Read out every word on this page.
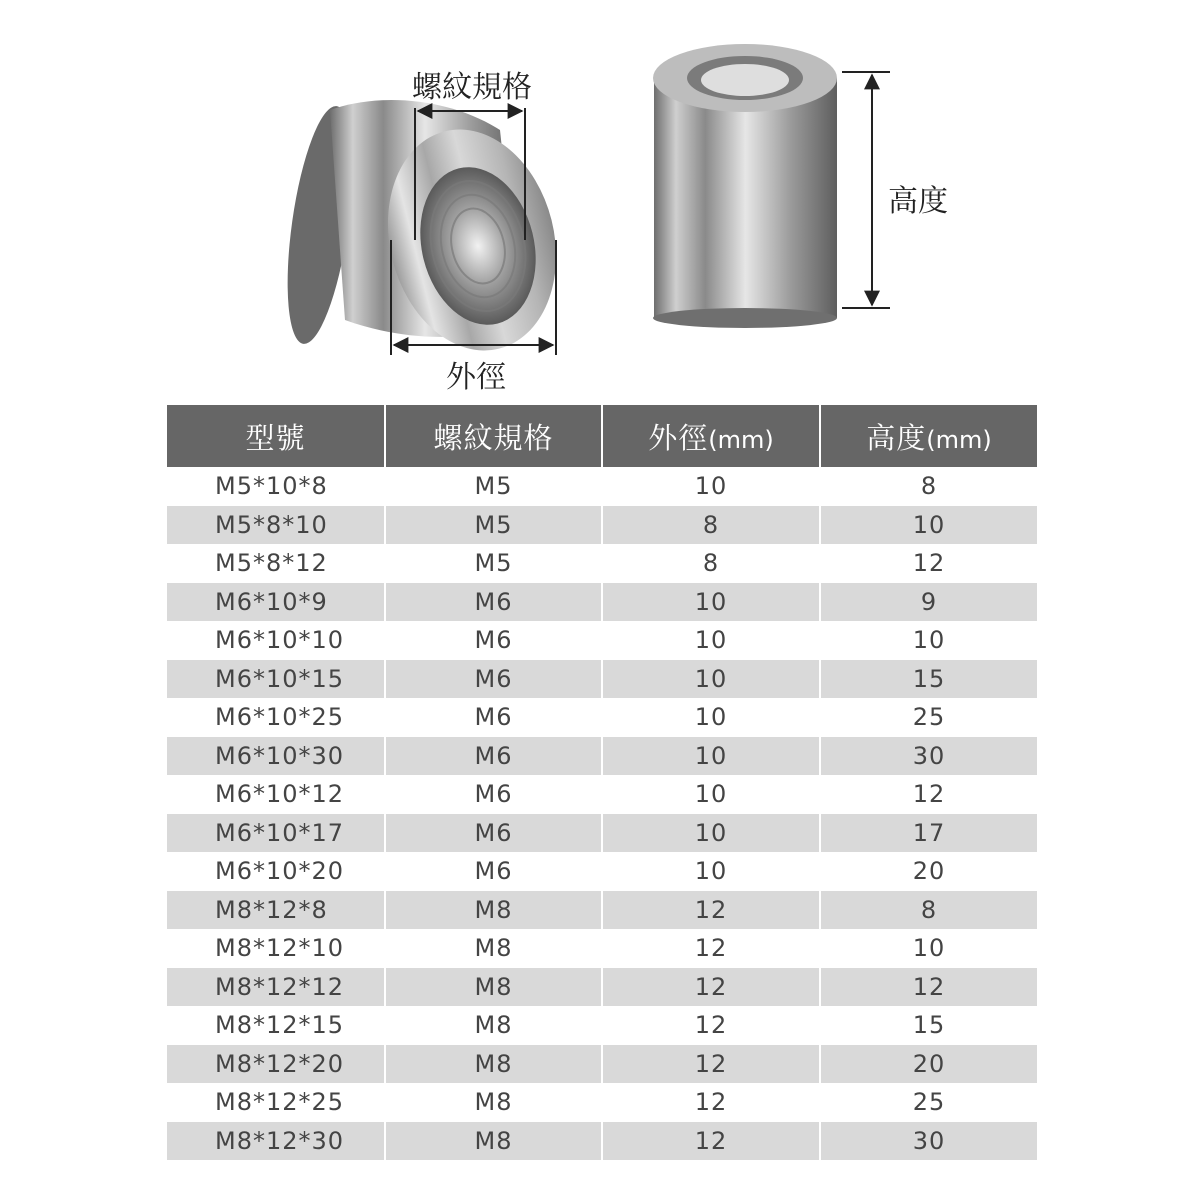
螺紋規格
外徑
高度
型號	螺紋規格	外徑(mm)	高度(mm)
M5*10*8	M5	10	8
M5*8*10	M5	8	10
M5*8*12	M5	8	12
M6*10*9	M6	10	9
M6*10*10	M6	10	10
M6*10*15	M6	10	15
M6*10*25	M6	10	25
M6*10*30	M6	10	30
M6*10*12	M6	10	12
M6*10*17	M6	10	17
M6*10*20	M6	10	20
M8*12*8	M8	12	8
M8*12*10	M8	12	10
M8*12*12	M8	12	12
M8*12*15	M8	12	15
M8*12*20	M8	12	20
M8*12*25	M8	12	25
M8*12*30	M8	12	30
